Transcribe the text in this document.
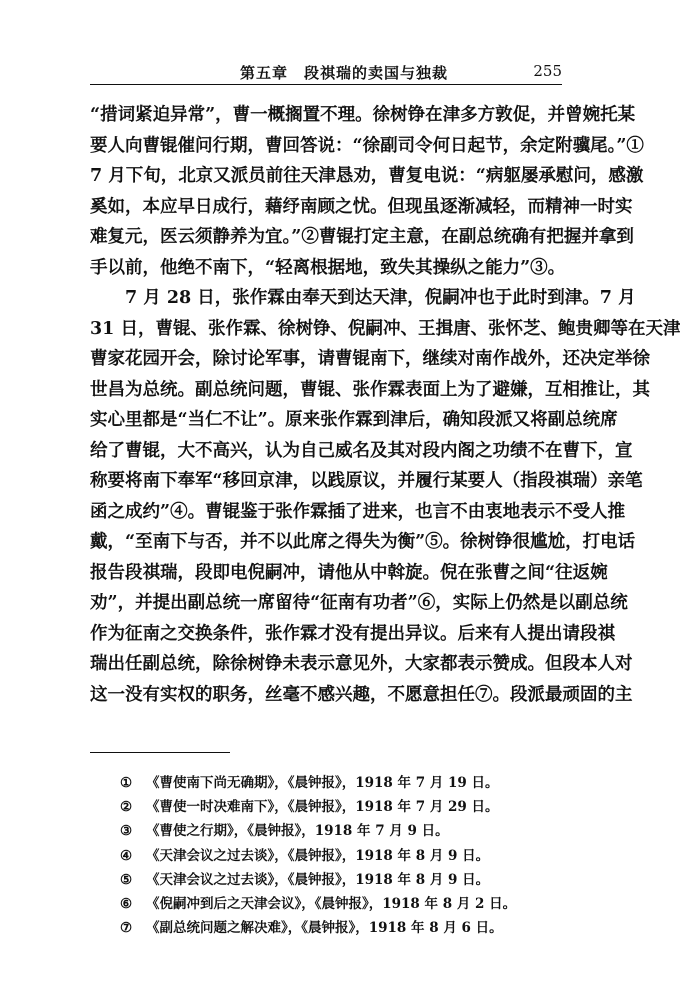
第五章　段祺瑞的卖国与独裁	255
“措词紧迫异常”，曹一概搁置不理。徐树铮在津多方敦促，并曾婉托某
要人向曹锟催问行期，曹回答说：“徐副司令何日起节，余定附骥尾。”①
7 月下旬，北京又派员前往天津恳劝，曹复电说：“病躯屡承慰问，感激
奚如，本应早日成行，藉纾南顾之忧。但现虽逐渐减轻，而精神一时实
难复元，医云须静养为宜。”②曹锟打定主意，在副总统确有把握并拿到
手以前，他绝不南下，“轻离根据地，致失其操纵之能力”③。
7 月 28 日，张作霖由奉天到达天津，倪嗣冲也于此时到津。7 月
31 日，曹锟、张作霖、徐树铮、倪嗣冲、王揖唐、张怀芝、鲍贵卿等在天津
曹家花园开会，除讨论军事，请曹锟南下，继续对南作战外，还决定举徐
世昌为总统。副总统问题，曹锟、张作霖表面上为了避嫌，互相推让，其
实心里都是“当仁不让”。原来张作霖到津后，确知段派又将副总统席
给了曹锟，大不高兴，认为自己威名及其对段内阁之功绩不在曹下，宣
称要将南下奉军“移回京津，以践原议，并履行某要人（指段祺瑞）亲笔
函之成约”④。曹锟鉴于张作霖插了进来，也言不由衷地表示不受人推
戴，“至南下与否，并不以此席之得失为衡”⑤。徐树铮很尴尬，打电话
报告段祺瑞，段即电倪嗣冲，请他从中斡旋。倪在张曹之间“往返婉
劝”，并提出副总统一席留待“征南有功者”⑥，实际上仍然是以副总统
作为征南之交换条件，张作霖才没有提出异议。后来有人提出请段祺
瑞出任副总统，除徐树铮未表示意见外，大家都表示赞成。但段本人对
这一没有实权的职务，丝毫不感兴趣，不愿意担任⑦。段派最顽固的主
① 《曹使南下尚无确期》，《晨钟报》，1918 年 7 月 19 日。
② 《曹使一时决难南下》，《晨钟报》，1918 年 7 月 29 日。
③ 《曹使之行期》，《晨钟报》，1918 年 7 月 9 日。
④ 《天津会议之过去谈》，《晨钟报》，1918 年 8 月 9 日。
⑤ 《天津会议之过去谈》，《晨钟报》，1918 年 8 月 9 日。
⑥ 《倪嗣冲到后之天津会议》，《晨钟报》，1918 年 8 月 2 日。
⑦ 《副总统问题之解决难》，《晨钟报》，1918 年 8 月 6 日。
